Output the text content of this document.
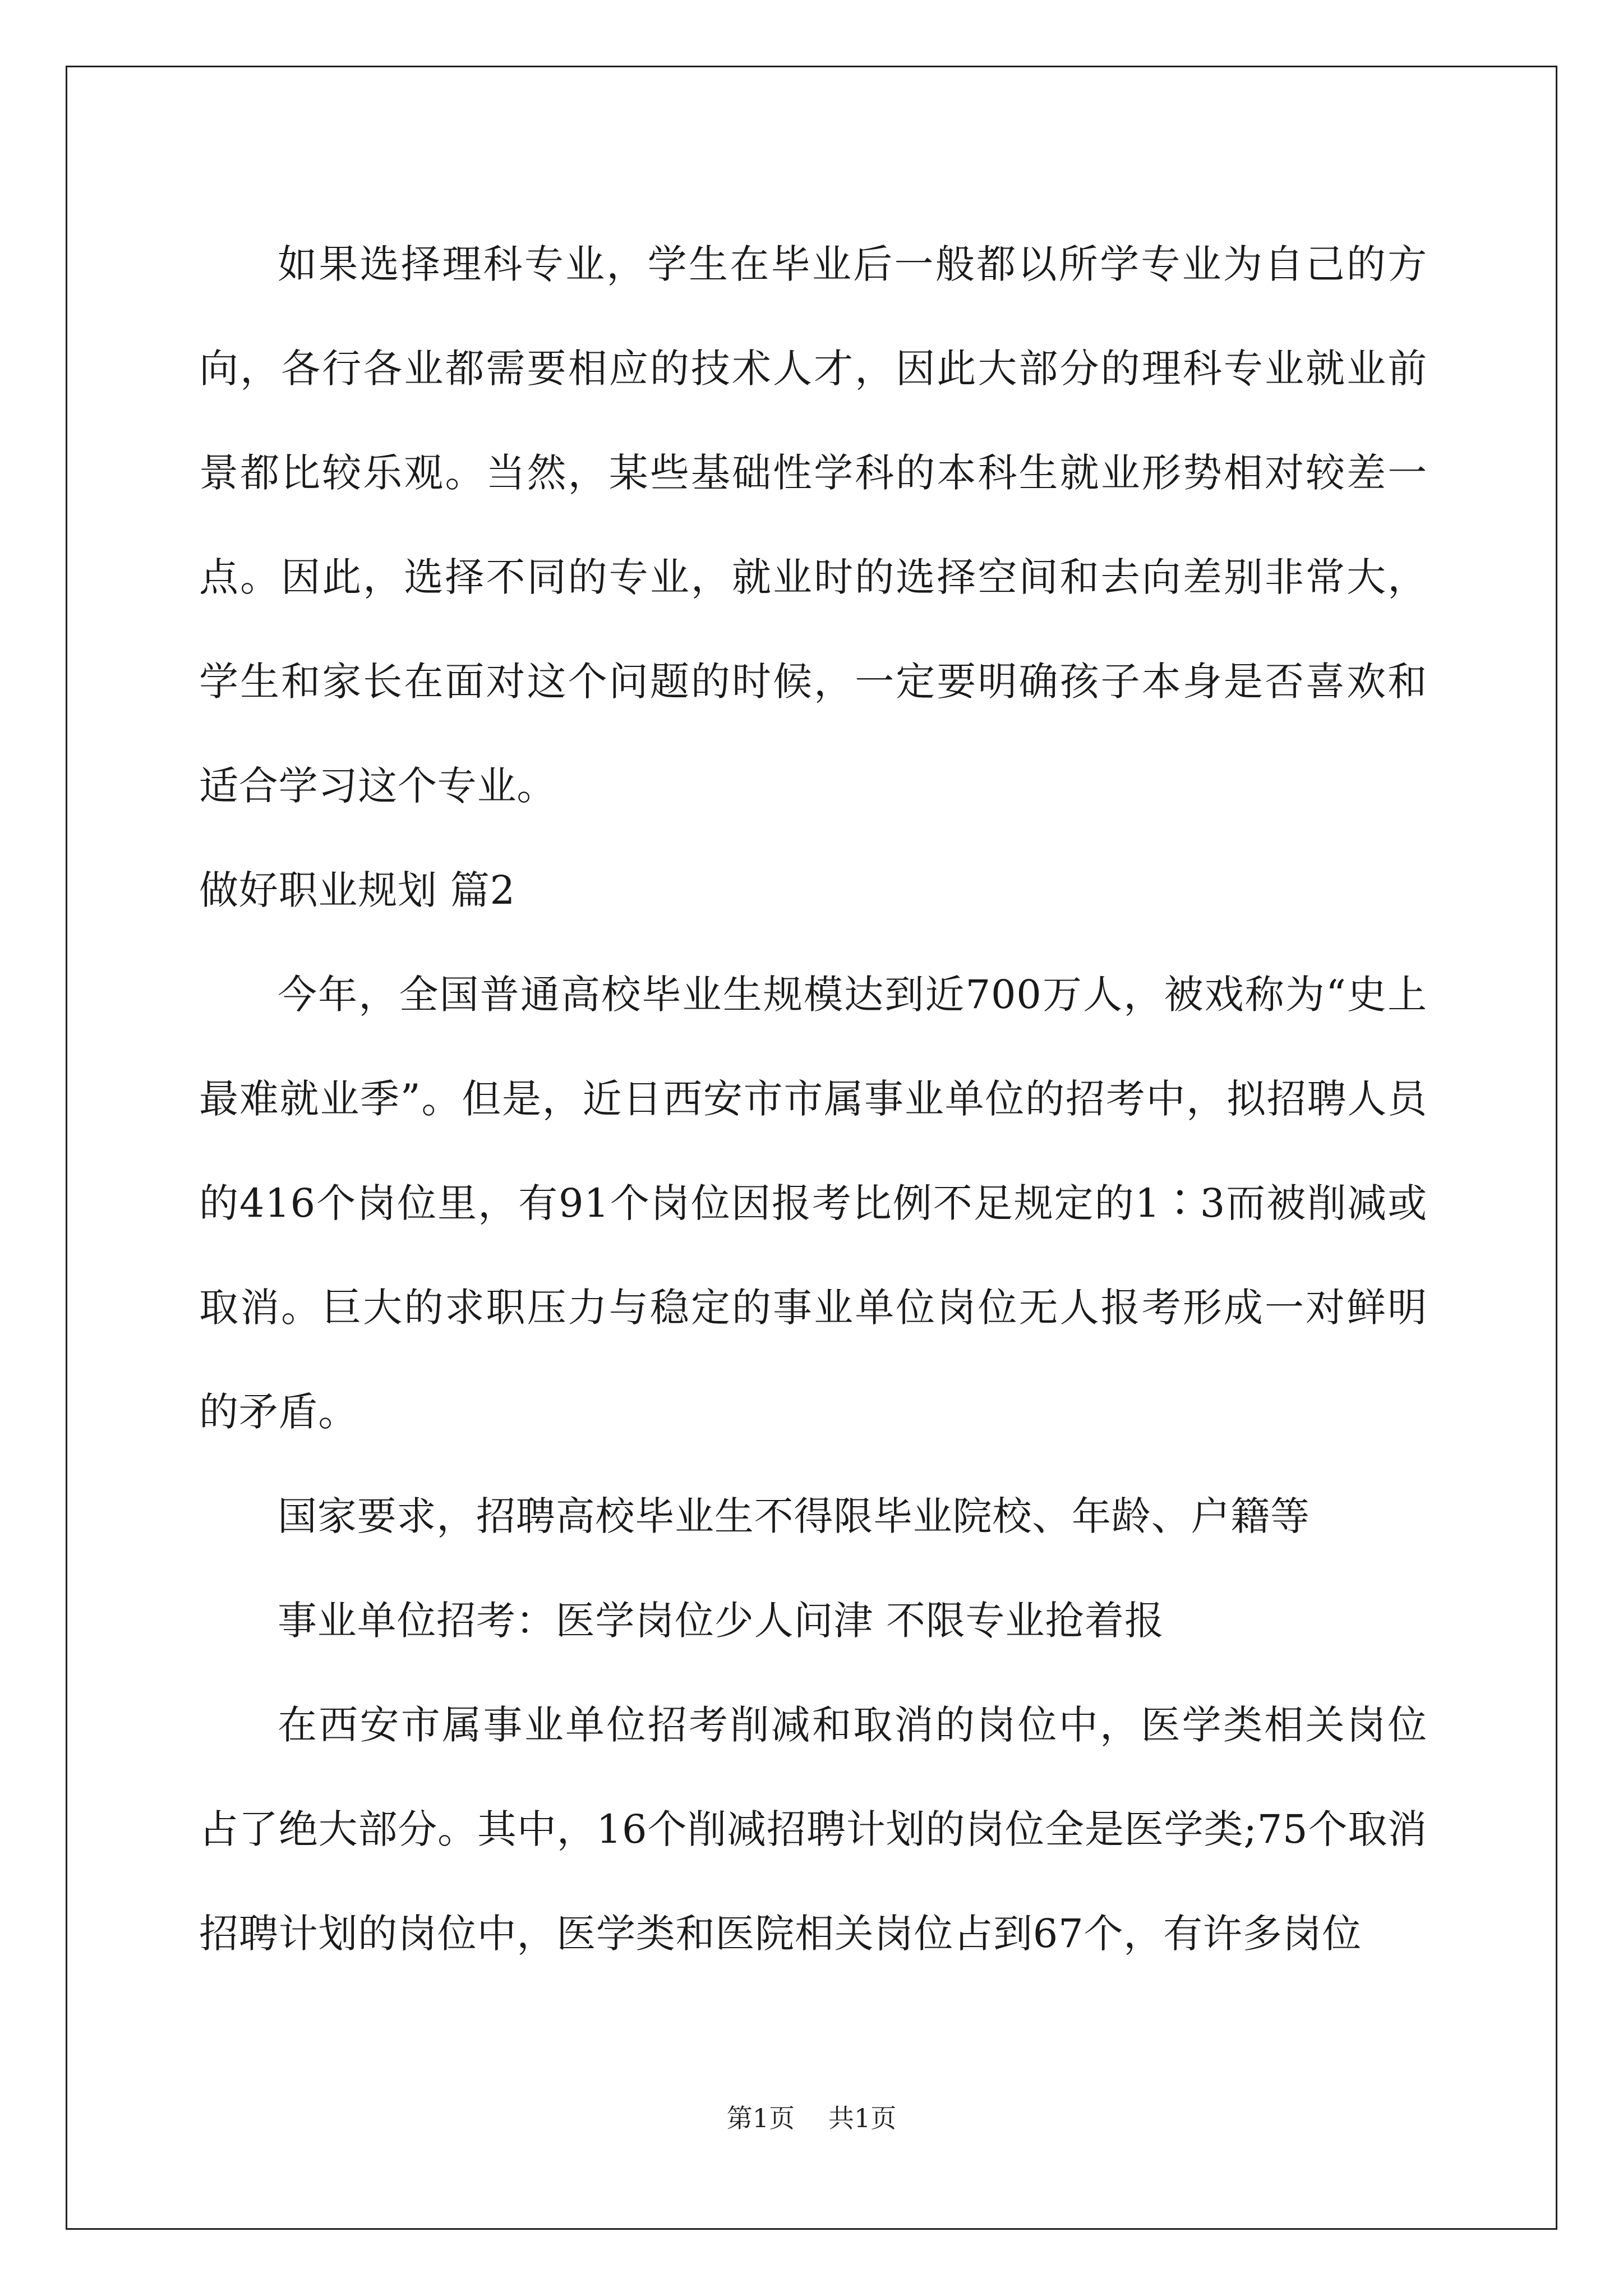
如果选择理科专业，学生在毕业后一般都以所学专业为自己的方向，各行各业都需要相应的技术人才，因此大部分的理科专业就业前景都比较乐观。当然，某些基础性学科的本科生就业形势相对较差一点。因此，选择不同的专业，就业时的选择空间和去向差别非常大，学生和家长在面对这个问题的时候，一定要明确孩子本身是否喜欢和适合学习这个专业。

做好职业规划 篇2

今年，全国普通高校毕业生规模达到近700万人，被戏称为“史上最难就业季”。但是，近日西安市市属事业单位的招考中，拟招聘人员的416个岗位里，有91个岗位因报考比例不足规定的1∶3而被削减或取消。巨大的求职压力与稳定的事业单位岗位无人报考形成一对鲜明的矛盾。

国家要求，招聘高校毕业生不得限毕业院校、年龄、户籍等

事业单位招考：医学岗位少人问津 不限专业抢着报

在西安市属事业单位招考削减和取消的岗位中，医学类相关岗位占了绝大部分。其中，16个削减招聘计划的岗位全是医学类;75个取消招聘计划的岗位中，医学类和医院相关岗位占到67个，有许多岗位

第1页 共1页
